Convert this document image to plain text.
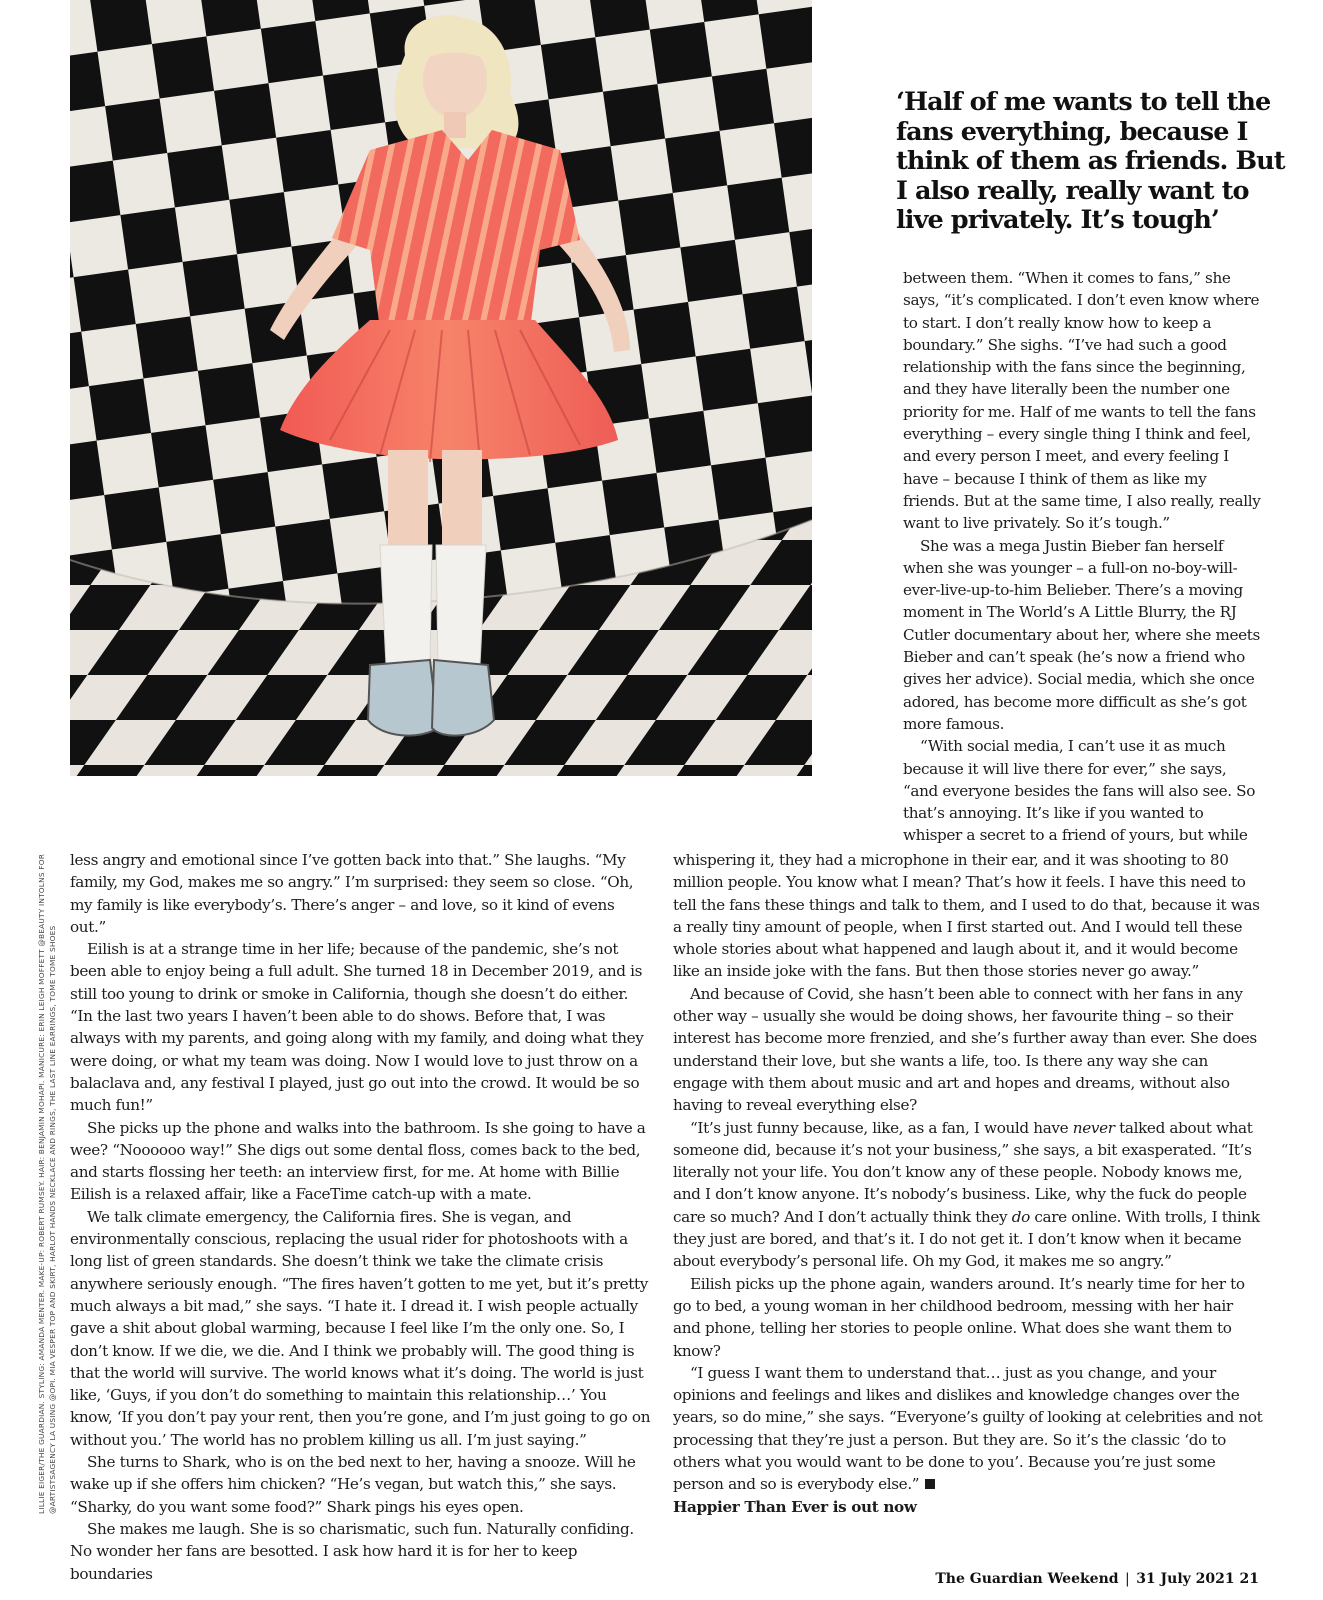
‘Half of me wants to tell the fans everything, because I think of them as friends. But I also really, really want to live privately. It’s tough’

between them. “When it comes to fans,” she says, “it’s complicated. I don’t even know where to start. I don’t really know how to keep a boundary.” She sighs. “I’ve had such a good relationship with the fans since the beginning, and they have literally been the number one priority for me. Half of me wants to tell the fans everything – every single thing I think and feel, and every person I meet, and every feeling I have – because I think of them as like my friends. But at the same time, I also really, really want to live privately. So it’s tough.”

She was a mega Justin Bieber fan herself when she was younger – a full-on no-boy-will-ever-live-up-to-him Belieber. There’s a moving moment in The World’s A Little Blurry, the RJ Cutler documentary about her, where she meets Bieber and can’t speak (he’s now a friend who gives her advice). Social media, which she once adored, has become more difficult as she’s got more famous.

“With social media, I can’t use it as much because it will live there for ever,” she says, “and everyone besides the fans will also see. So that’s annoying. It’s like if you wanted to whisper a secret to a friend of yours, but while

less angry and emotional since I’ve gotten back into that.” She laughs. “My family, my God, makes me so angry.” I’m surprised: they seem so close. “Oh, my family is like everybody’s. There’s anger – and love, so it kind of evens out.”

Eilish is at a strange time in her life; because of the pandemic, she’s not been able to enjoy being a full adult. She turned 18 in December 2019, and is still too young to drink or smoke in California, though she doesn’t do either. “In the last two years I haven’t been able to do shows. Before that, I was always with my parents, and going along with my family, and doing what they were doing, or what my team was doing. Now I would love to just throw on a balaclava and, any festival I played, just go out into the crowd. It would be so much fun!”

She picks up the phone and walks into the bathroom. Is she going to have a wee? “Noooooo way!” She digs out some dental floss, comes back to the bed, and starts flossing her teeth: an interview first, for me. At home with Billie Eilish is a relaxed affair, like a FaceTime catch-up with a mate.

We talk climate emergency, the California fires. She is vegan, and environmentally conscious, replacing the usual rider for photoshoots with a long list of green standards. She doesn’t think we take the climate crisis anywhere seriously enough. “The fires haven’t gotten to me yet, but it’s pretty much always a bit mad,” she says. “I hate it. I dread it. I wish people actually gave a shit about global warming, because I feel like I’m the only one. So, I don’t know. If we die, we die. And I think we probably will. The good thing is that the world will survive. The world knows what it’s doing. The world is just like, ‘Guys, if you don’t do something to maintain this relationship…’ You know, ‘If you don’t pay your rent, then you’re gone, and I’m just going to go on without you.’ The world has no problem killing us all. I’m just saying.”

She turns to Shark, who is on the bed next to her, having a snooze. Will he wake up if she offers him chicken? “He’s vegan, but watch this,” she says. “Sharky, do you want some food?” Shark pings his eyes open.

She makes me laugh. She is so charismatic, such fun. Naturally confiding. No wonder her fans are besotted. I ask how hard it is for her to keep boundaries

whispering it, they had a microphone in their ear, and it was shooting to 80 million people. You know what I mean? That’s how it feels. I have this need to tell the fans these things and talk to them, and I used to do that, because it was a really tiny amount of people, when I first started out. And I would tell these whole stories about what happened and laugh about it, and it would become like an inside joke with the fans. But then those stories never go away.”

And because of Covid, she hasn’t been able to connect with her fans in any other way – usually she would be doing shows, her favourite thing – so their interest has become more frenzied, and she’s further away than ever. She does understand their love, but she wants a life, too. Is there any way she can engage with them about music and art and hopes and dreams, without also having to reveal everything else?

“It’s just funny because, like, as a fan, I would have never talked about what someone did, because it’s not your business,” she says, a bit exasperated. “It’s literally not your life. You don’t know any of these people. Nobody knows me, and I don’t know anyone. It’s nobody’s business. Like, why the fuck do people care so much? And I don’t actually think they do care online. With trolls, I think they just are bored, and that’s it. I do not get it. I don’t know when it became about everybody’s personal life. Oh my God, it makes me so angry.”

Eilish picks up the phone again, wanders around. It’s nearly time for her to go to bed, a young woman in her childhood bedroom, messing with her hair and phone, telling her stories to people online. What does she want them to know?

“I guess I want them to understand that… just as you change, and your opinions and feelings and likes and dislikes and knowledge changes over the years, so do mine,” she says. “Everyone’s guilty of looking at celebrities and not processing that they’re just a person. But they are. So it’s the classic ‘do to others what you would want to be done to you’. Because you’re just some person and so is everybody else.”

Happier Than Ever is out now

LILLIE EIGER/THE GUARDIAN. STYLING: AMANDA MENTER. MAKE-UP: ROBERT RUMSEY. HAIR: BENJAMIN MOHAPI. MANICURE: ERIN LEIGH MOFFETT @BEAUTY INTOLNS FOR @ARTISTSAGENCY LA USING @OPI. MIA VESPER TOP AND SKIRT, HARLOT HANDS NECKLACE AND RINGS, THE LAST LINE EARRINGS, TOME TOME SHOES
The Guardian Weekend | 31 July 2021 21
